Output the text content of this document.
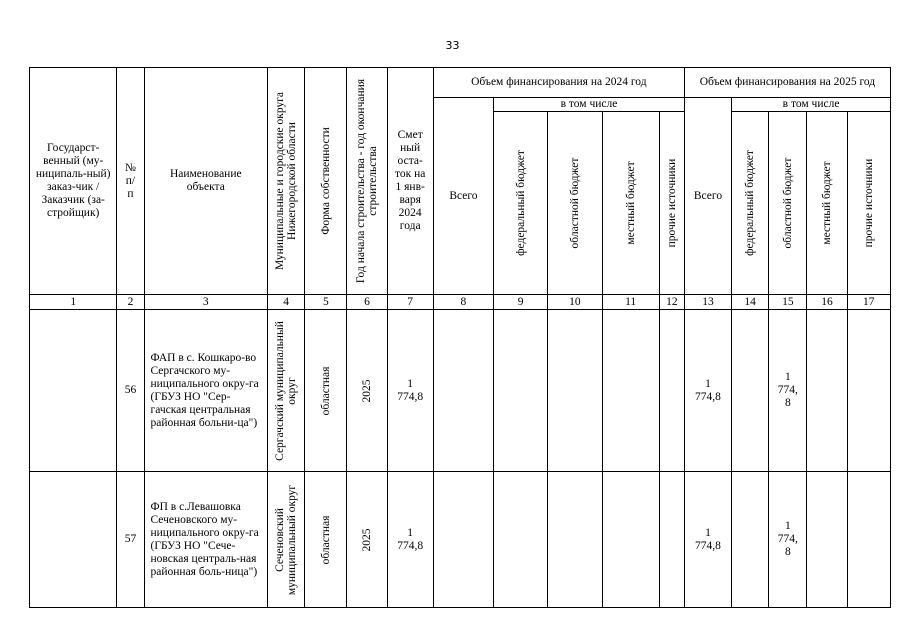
33
Государст-венный (му-ниципаль-ный) заказ-чик / Заказчик (за-стройщик)	№ п/ п	Наименование объекта	Муниципальные и городские округа Нижегородской области	Форма собственности	Год начала строительства - год окончания строительства	Смет ный оста-ток на 1 янв-варя 2024 года	Объем финансирования на 2024 год					Объем финансирования на 2025 год				
							Всего	в том числе				Всего	в том числе			

								федеральный бюджет	областной бюджет	местный бюджет	прочие источники		федеральный бюджет	областной бюджет	местный бюджет	прочие источники

1	2	3	4	5	6	7	8	9	10	11	12	13	14	15	16	17
	56	ФАП в с. Кошкаро-во Сергачского му-ниципального окру-га (ГБУЗ НО "Сер-гачская центральная районная больни-ца")	Сергачский муниципальный округ	областная	2025	1 774,8						1 774,8		1 774, 8		
	57	ФП в с.Левашовка Сеченовского му-ниципального окру-га (ГБУЗ НО "Сече-новская централь-ная районная боль-ница")	Сеченовский муниципальный округ	областная	2025	1 774,8						1 774,8		1 774, 8		
